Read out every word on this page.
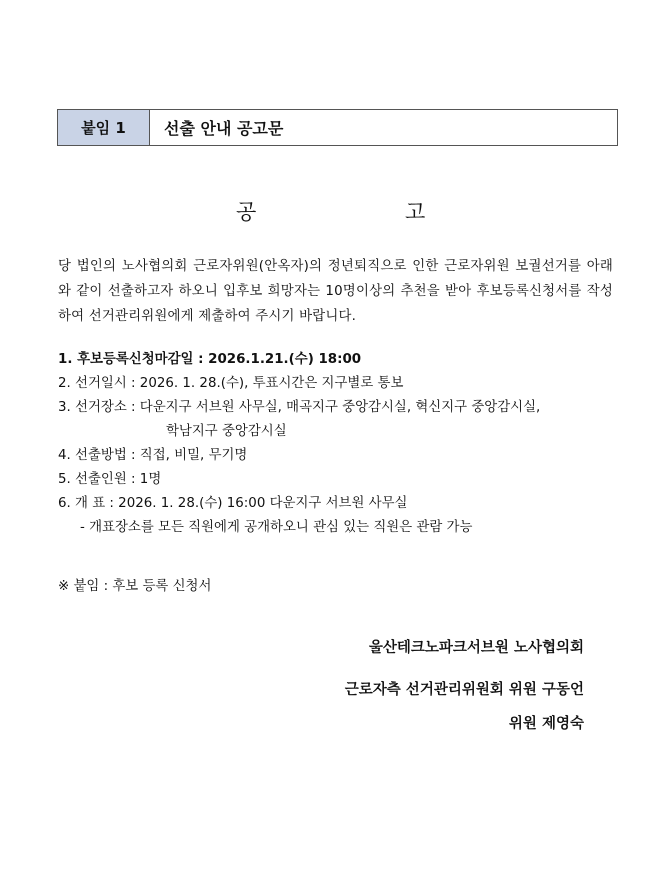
붙임 1	선출 안내 공고문
공	고
당 법인의 노사협의회 근로자위원(안옥자)의 정년퇴직으로 인한 근로자위원 보궐선거를 아래와 같이 선출하고자 하오니 입후보 희망자는 10명이상의 추천을 받아 후보등록신청서를 작성하여 선거관리위원에게 제출하여 주시기 바랍니다.
1. 후보등록신청마감일 : 2026.1.21.(수) 18:00
2. 선거일시 : 2026. 1. 28.(수), 투표시간은 지구별로 통보
3. 선거장소 : 다운지구 서브원 사무실, 매곡지구 중앙감시실, 혁신지구 중앙감시실,
학남지구 중앙감시실
4. 선출방법 : 직접, 비밀, 무기명
5. 선출인원 : 1명
6. 개 표 : 2026. 1. 28.(수) 16:00 다운지구 서브원 사무실
- 개표장소를 모든 직원에게 공개하오니 관심 있는 직원은 관람 가능
※ 붙임 : 후보 등록 신청서
울산테크노파크서브원 노사협의회
근로자측 선거관리위원회 위원 구동언
위원 제영숙
